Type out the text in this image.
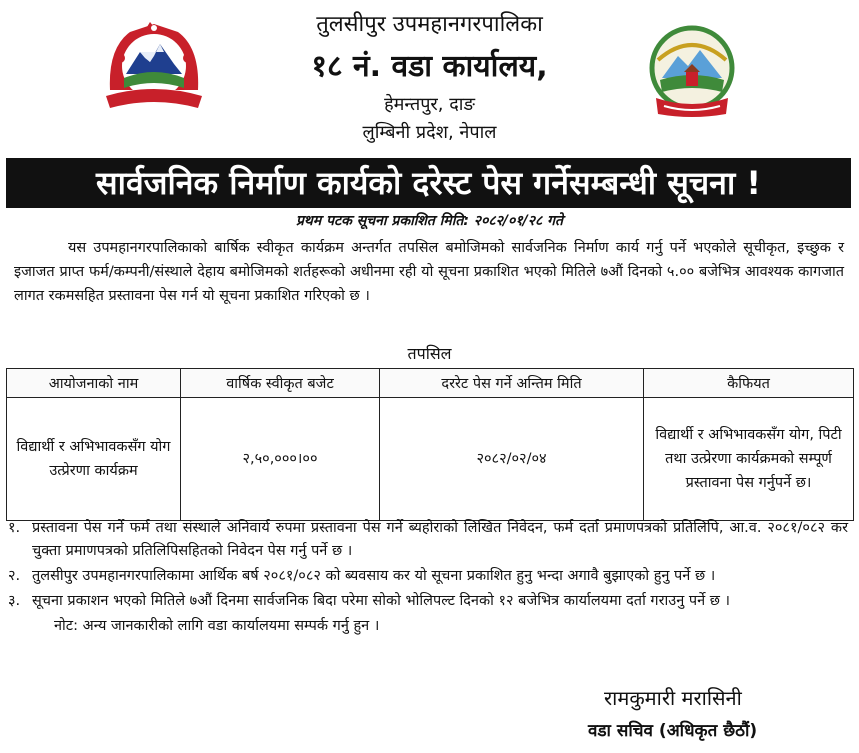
तुलसीपुर उपमहानगरपालिका
१८ नं. वडा कार्यालय,
हेमन्तपुर, दाङ
लुम्बिनी प्रदेश, नेपाल
सार्वजनिक निर्माण कार्यको दरेस्ट पेस गर्नेसम्बन्धी सूचना !
प्रथम पटक सूचना प्रकाशित मिति: २०८२/०१/२८ गते
यस उपमहानगरपालिकाको बार्षिक स्वीकृत कार्यक्रम अन्तर्गत तपसिल बमोजिमको सार्वजनिक निर्माण कार्य गर्नु पर्ने भएकोले सूचीकृत, इच्छुक र इजाजत प्राप्त फर्म/कम्पनी/संस्थाले देहाय बमोजिमको शर्तहरूको अधीनमा रही यो सूचना प्रकाशित भएको मितिले ७औं दिनको ५.०० बजेभित्र आवश्यक कागजात लागत रकमसहित प्रस्तावना पेस गर्न यो सूचना प्रकाशित गरिएको छ ।
तपसिल
आयोजनाको नाम	वार्षिक स्वीकृत बजेट	दररेट पेस गर्ने अन्तिम मिति	कैफियत
विद्यार्थी र अभिभावकसँग योग उत्प्रेरणा कार्यक्रम	२,५०,०००।००	२०८२/०२/०४	विद्यार्थी र अभिभावकसँग योग, पिटी तथा उत्प्रेरणा कार्यक्रमको सम्पूर्ण प्रस्तावना पेस गर्नुपर्ने छ।
१. प्रस्तावना पेस गर्ने फर्म तथा संस्थाले अनिवार्य रुपमा प्रस्तावना पेस गर्ने ब्यहोराको लिखित निवेदन, फर्म दर्ता प्रमाणपत्रको प्रतिलिपि, आ.व. २०८१/०८२ कर चुक्ता प्रमाणपत्रको प्रतिलिपिसहितको निवेदन पेस गर्नु पर्ने छ ।
२. तुलसीपुर उपमहानगरपालिकामा आर्थिक बर्ष २०८१/०८२ को ब्यवसाय कर यो सूचना प्रकाशित हुनु भन्दा अगावै बुझाएको हुनु पर्ने छ ।
३. सूचना प्रकाशन भएको मितिले ७औं दिनमा सार्वजनिक बिदा परेमा सोको भोलिपल्ट दिनको १२ बजेभित्र कार्यालयमा दर्ता गराउनु पर्ने छ ।
नोट: अन्य जानकारीको लागि वडा कार्यालयमा सम्पर्क गर्नु हुन ।
रामकुमारी मरासिनी
वडा सचिव (अधिकृत छैठौं)
